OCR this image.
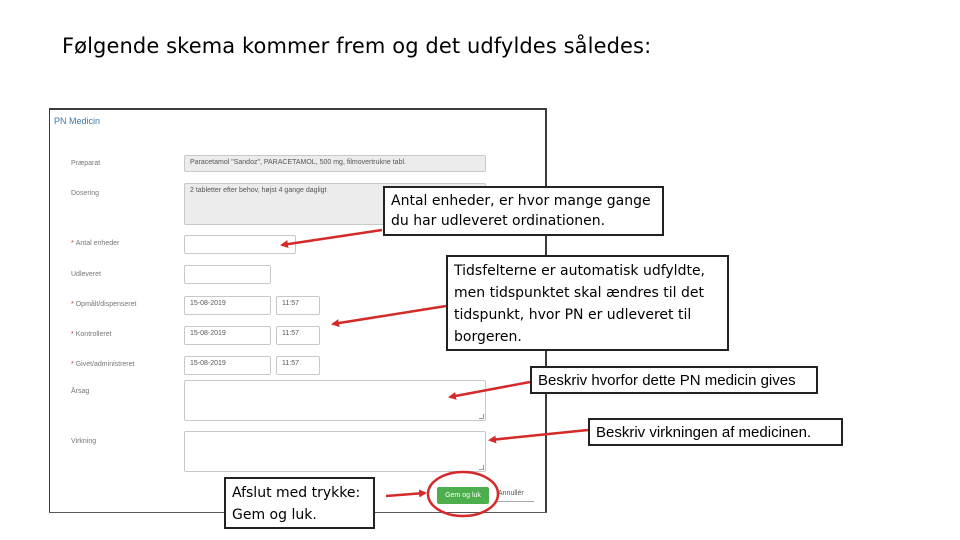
Følgende skema kommer frem og det udfyldes således:
PN Medicin
Præparat	Paracetamol "Sandoz", PARACETAMOL, 500 mg, filmovertrukne tabl.
Dosering	2 tabletter efter behov, højst 4 gange dagligt
* Antal enheder
Udleveret
* Opmålt/dispenseret	15-08-2019	11:57
* Kontrolleret	15-08-2019	11:57
* Givet/administreret	15-08-2019	11:57
Årsag
Virkning
Gem og luk	Annullér
Antal enheder, er hvor mange gange du har udleveret ordinationen.
Tidsfelterne er automatisk udfyldte, men tidspunktet skal ændres til det tidspunkt, hvor PN er udleveret til borgeren.
Beskriv hvorfor dette PN medicin gives
Beskriv virkningen af medicinen.
Afslut med trykke: Gem og luk.
